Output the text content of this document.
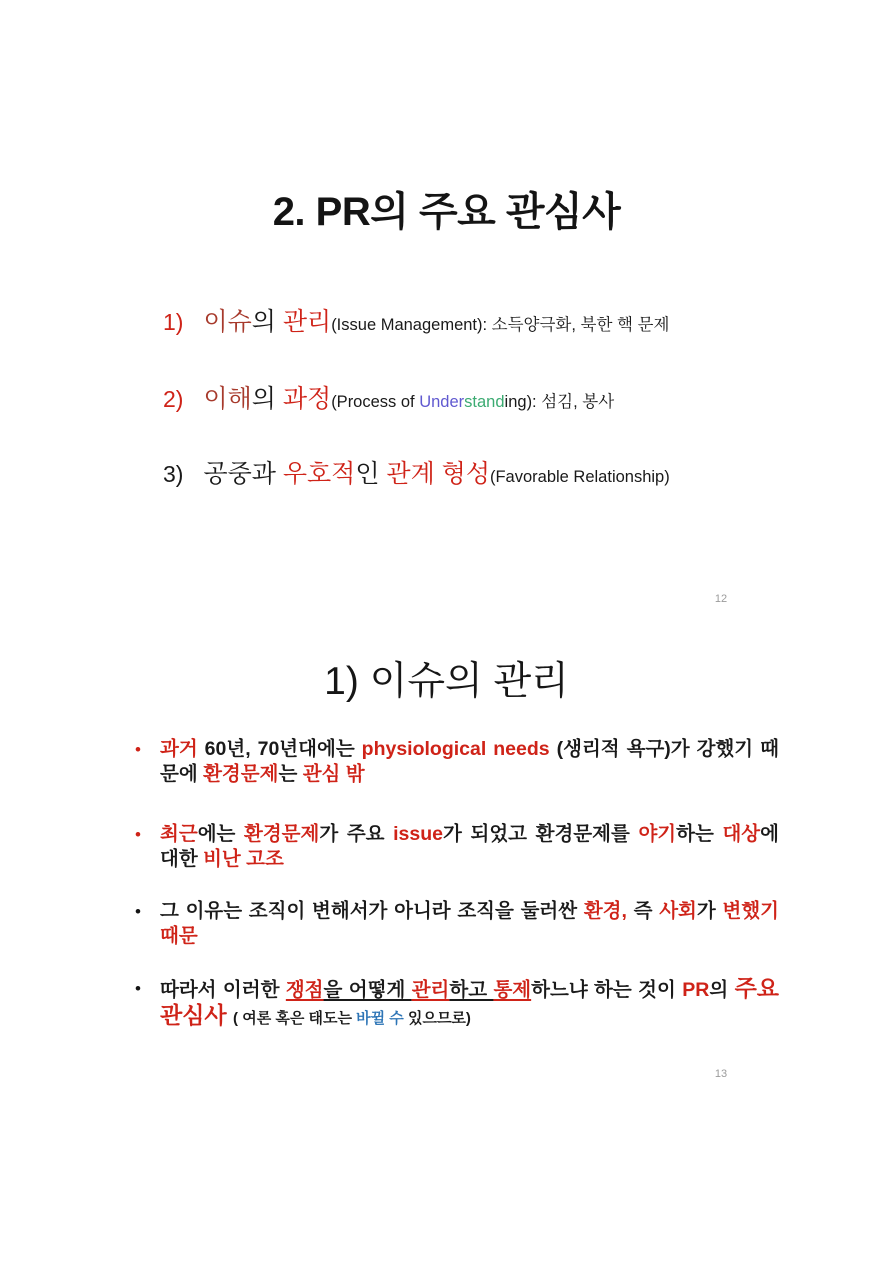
2. PR의 주요 관심사
1) 이슈 의 관리 (Issue Management): 소득양극화, 북한 핵 문제
2) 이해 의 과정 (Process of Under stand ing): 섬김, 봉사
3) 공중과 우호적 인 관계 형성 (Favorable Relationship)
12
1) 이슈의 관리
• 과거 60년, 70년대에는 physiological needs (생리적 욕구)가 강했기 때문에 환경문제는 관심 밖

• 최근에는 환경문제가 주요 issue가 되었고 환경문제를 야기하는 대상에 대한 비난 고조

• 그 이유는 조직이 변해서가 아니라 조직을 둘러싼 환경, 즉 사회가 변했기  때문

• 따라서 이러한 쟁점을 어떻게 관리하고 통제하느냐 하는 것이 PR의 주요 관심사 ( 여론 혹은 태도는 바뀔 수 있으므로)

13
